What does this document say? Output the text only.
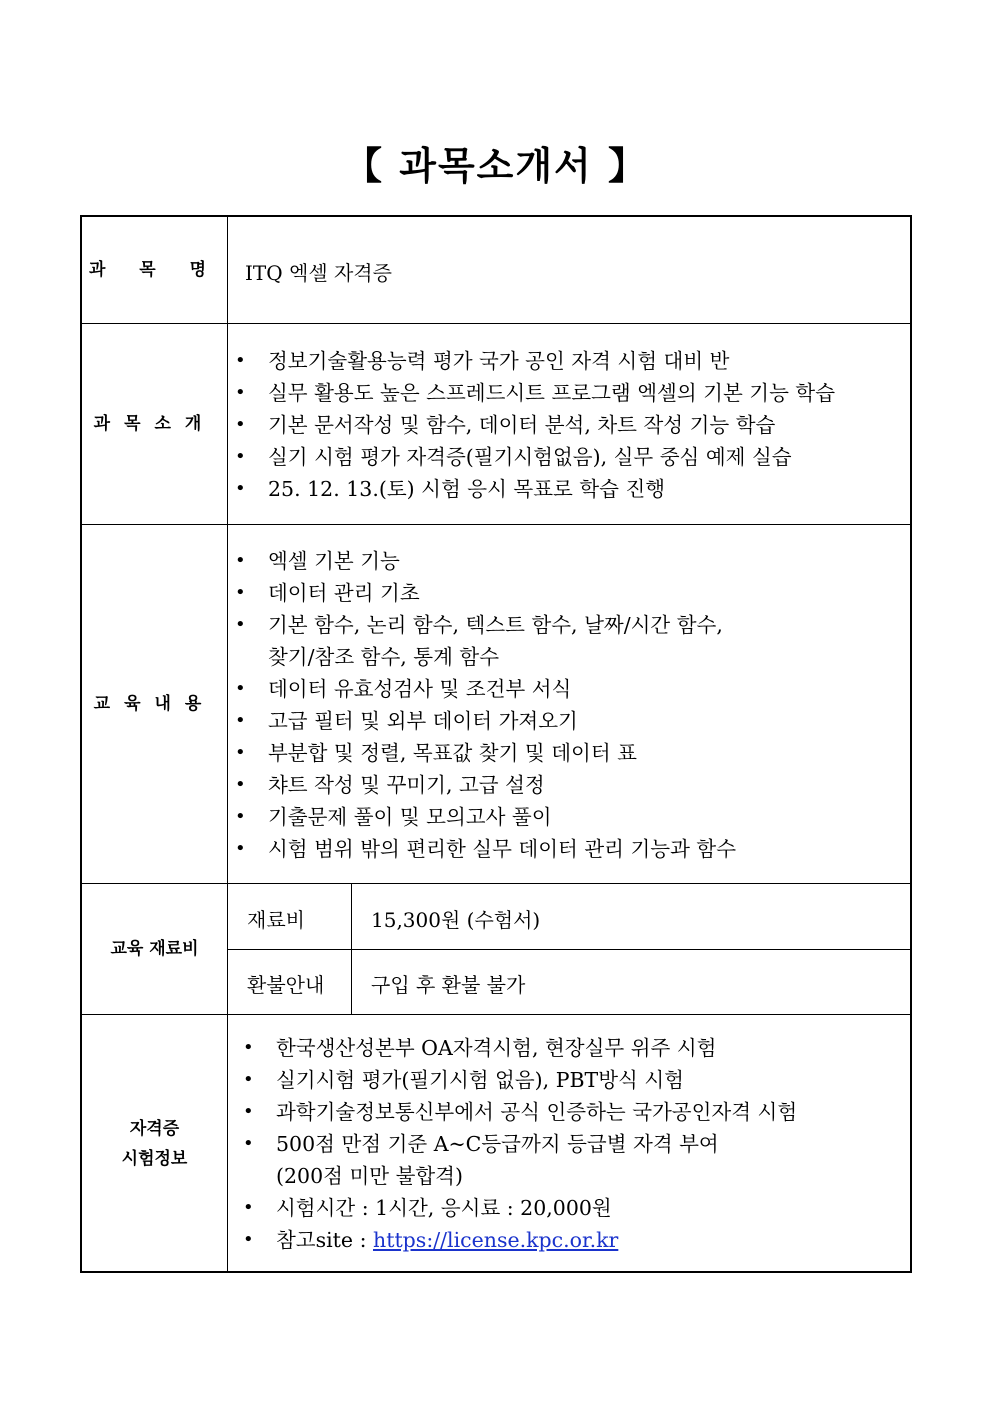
【 과목소개서 】
과 목 명	ITQ 엑셀 자격증
과목소개
• 정보기술활용능력 평가 국가 공인 자격 시험 대비 반
• 실무 활용도 높은 스프레드시트 프로그램 엑셀의 기본 기능 학습
• 기본 문서작성 및 함수, 데이터 분석, 차트 작성 기능 학습
• 실기 시험 평가 자격증(필기시험없음), 실무 중심 예제 실습
• 25. 12. 13.(토) 시험 응시 목표로 학습 진행
교육내용
• 엑셀 기본 기능
• 데이터 관리 기초
• 기본 함수, 논리 함수, 텍스트 함수, 날짜/시간 함수,
찾기/참조 함수, 통계 함수
• 데이터 유효성검사 및 조건부 서식
• 고급 필터 및 외부 데이터 가져오기
• 부분합 및 정렬, 목표값 찾기 및 데이터 표
• 챠트 작성 및 꾸미기, 고급 설정
• 기출문제 풀이 및 모의고사 풀이
• 시험 범위 밖의 편리한 실무 데이터 관리 기능과 함수
교육 재료비
재료비	15,300원 (수험서)
환불안내 구입 후 환불 불가
자격증
시험정보
• 한국생산성본부 OA자격시험, 현장실무 위주 시험
• 실기시험 평가(필기시험 없음), PBT방식 시험
• 과학기술정보통신부에서 공식 인증하는 국가공인자격 시험
• 500점 만점 기준 A~C등급까지 등급별 자격 부여
(200점 미만 불합격)
• 시험시간 : 1시간, 응시료 : 20,000원
• 참고site : https://license.kpc.or.kr
